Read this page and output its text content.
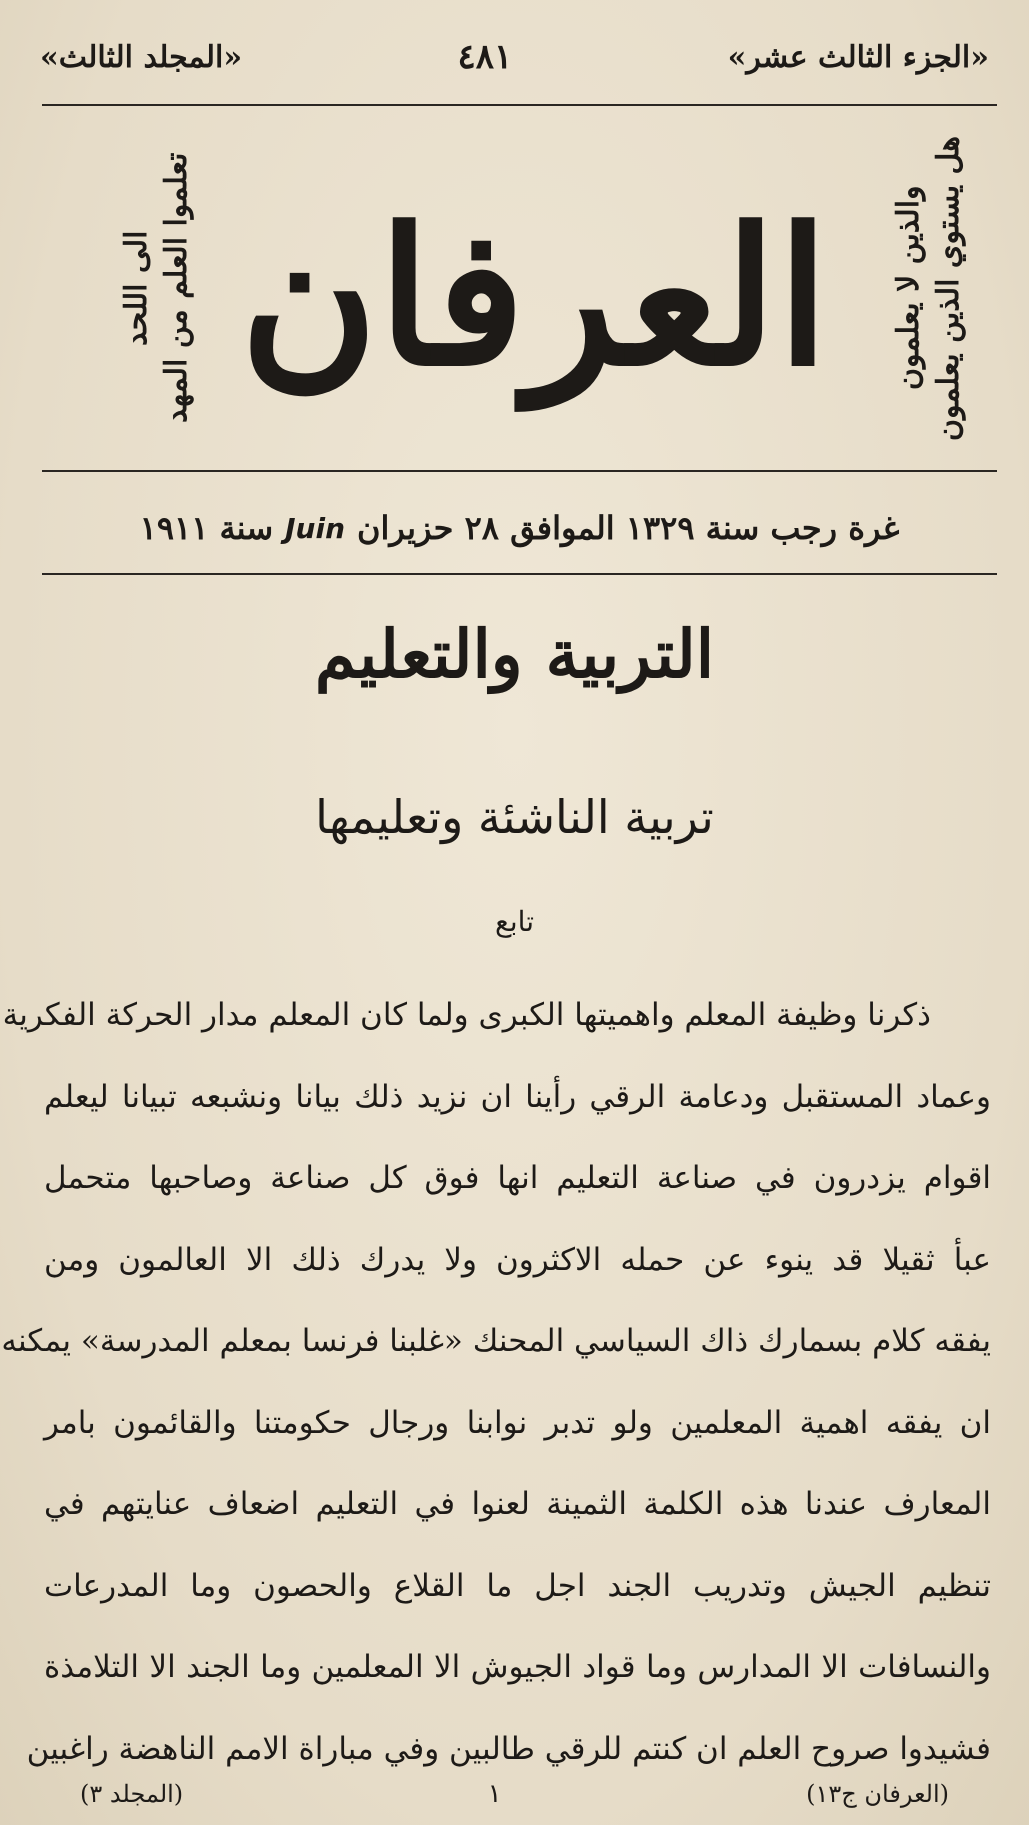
«الجزء الثالث عشر»
٤٨١
«المجلد الثالث»
هل يستوي الذين يعلمون
والذين لا يعلمون
العرفان
تعلموا العلم من المهد
الى اللحد
غرة رجب سنة ١٣٢٩ الموافق ٢٨ حزيران
Juin
سنة ١٩١١
التربية والتعليم
تربية الناشئة وتعليمها
تابع

ذكرنا وظيفة المعلم واهميتها الكبرى ولما كان المعلم مدار الحركة الفكرية

وعماد المستقبل ودعامة الرقي رأينا ان نزيد ذلك بيانا ونشبعه تبيانا ليعلم

اقوام يزدرون في صناعة التعليم انها فوق كل صناعة وصاحبها متحمل

عبأ ثقيلا قد ينوء عن حمله الاكثرون ولا يدرك ذلك الا العالمون ومن

يفقه كلام بسمارك ذاك السياسي المحنك «غلبنا فرنسا بمعلم المدرسة» يمكنه

ان يفقه اهمية المعلمين ولو تدبر نوابنا ورجال حكومتنا والقائمون بامر

المعارف عندنا هذه الكلمة الثمينة لعنوا في التعليم اضعاف عنايتهم في

تنظيم الجيش وتدريب الجند اجل ما القلاع والحصون وما المدرعات

والنسافات الا المدارس وما قواد الجيوش الا المعلمين وما الجند الا التلامذة

فشيدوا صروح العلم ان كنتم للرقي طالبين وفي مباراة الامم الناهضة راغبين

(العرفان ج١٣)
١
(المجلد ٣)
